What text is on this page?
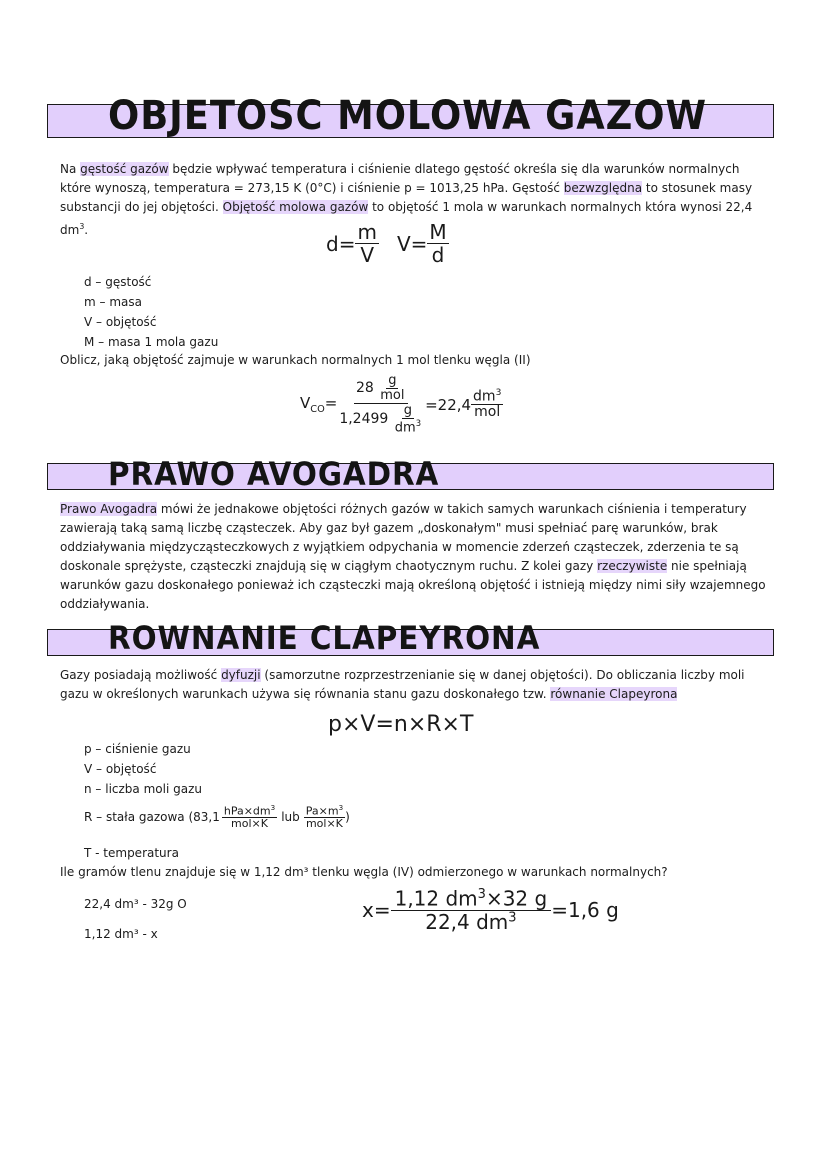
OBJETOSC MOLOWA GAZOW
Na gęstość gazów będzie wpływać temperatura i ciśnienie dlatego gęstość określa się dla warunków normalnych które wynoszą, temperatura = 273,15 K (0°C) i ciśnienie p = 1013,25 hPa. Gęstość bezwzględna to stosunek masy substancji do jej objętości. Objętość molowa gazów to objętość 1 mola w warunkach normalnych która wynosi 22,4 $dm^3$.
$d= \frac{m}{V} V= \frac{M}{d}$
d – gęstość
m – masa
V – objętość
M – masa 1 mola gazu
Oblicz, jaką objętość zajmuje w warunkach normalnych 1 mol tlenku węgla (II)
$V_{CO}= 28$
$\frac{g}{\text{mol}}$
1,2499
$\frac{g}{dm^3} =22,4 \frac{dm^3}{\text{mol}}$
PRAWO AVOGADRA
Prawo Avogadra mówi że jednakowe objętości różnych gazów w takich samych warunkach ciśnienia i temperatury zawierają taką samą liczbę cząsteczek. Aby gaz był gazem „doskonałym" musi spełniać parę warunków, brak oddziaływania międzycząsteczkowych z wyjątkiem odpychania w momencie zderzeń cząsteczek, zderzenia te są doskonale sprężyste, cząsteczki znajdują się w ciągłym chaotycznym ruchu. Z kolei gazy rzeczywiste nie spełniają warunków gazu doskonałego ponieważ ich cząsteczki mają określoną objętość i istnieją między nimi siły wzajemnego oddziaływania.
ROWNANIE CLAPEYRONA
Gazy posiadają możliwość dyfuzji (samorzutne rozprzestrzenianie się w danej objętości). Do obliczania liczby moli gazu w określonych warunkach używa się równania stanu gazu doskonałego tzw. równanie Clapeyrona
p×V=n×R×T
p – ciśnienie gazu
V – objętość
n – liczba moli gazu
R – stała gazowa ($83,1 \frac{hPa\times dm^3}{\text{mol×K}}$ lub $\frac{Pa\times m^3}{\text{mol×K}}$ )
T - temperatura
Ile gramów tlenu znajduje się w 1,12 dm³ tlenku węgla (IV) odmierzonego w warunkach normalnych?
22,4 dm³ - 32g O
1,12 dm³ - x
$x= \frac{1,12 dm^3\times 32 g}{22,4 dm^3} =1,6$ g
